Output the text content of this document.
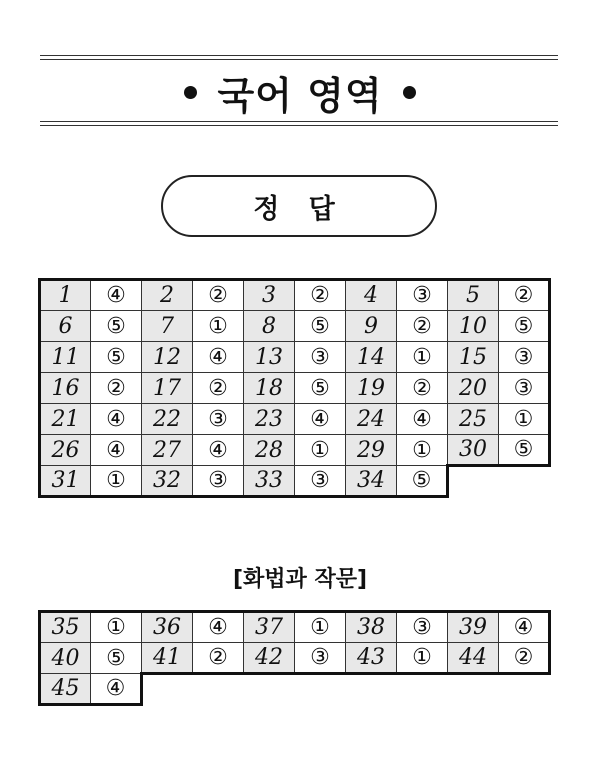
국어 영역
정 답
1	④	2	②	3	②	4	③	5	②
6	⑤	7	①	8	⑤	9	②	10	⑤
11	⑤	12	④	13	③	14	①	15	③
16	②	17	②	18	⑤	19	②	20	③
21	④	22	③	23	④	24	④	25	①
26	④	27	④	28	①	29	①	30	⑤
31	①	32	③	33	③	34	⑤		
[화법과 작문]
35	①	36	④	37	①	38	③	39	④
40	⑤	41	②	42	③	43	①	44	②
45	④								
